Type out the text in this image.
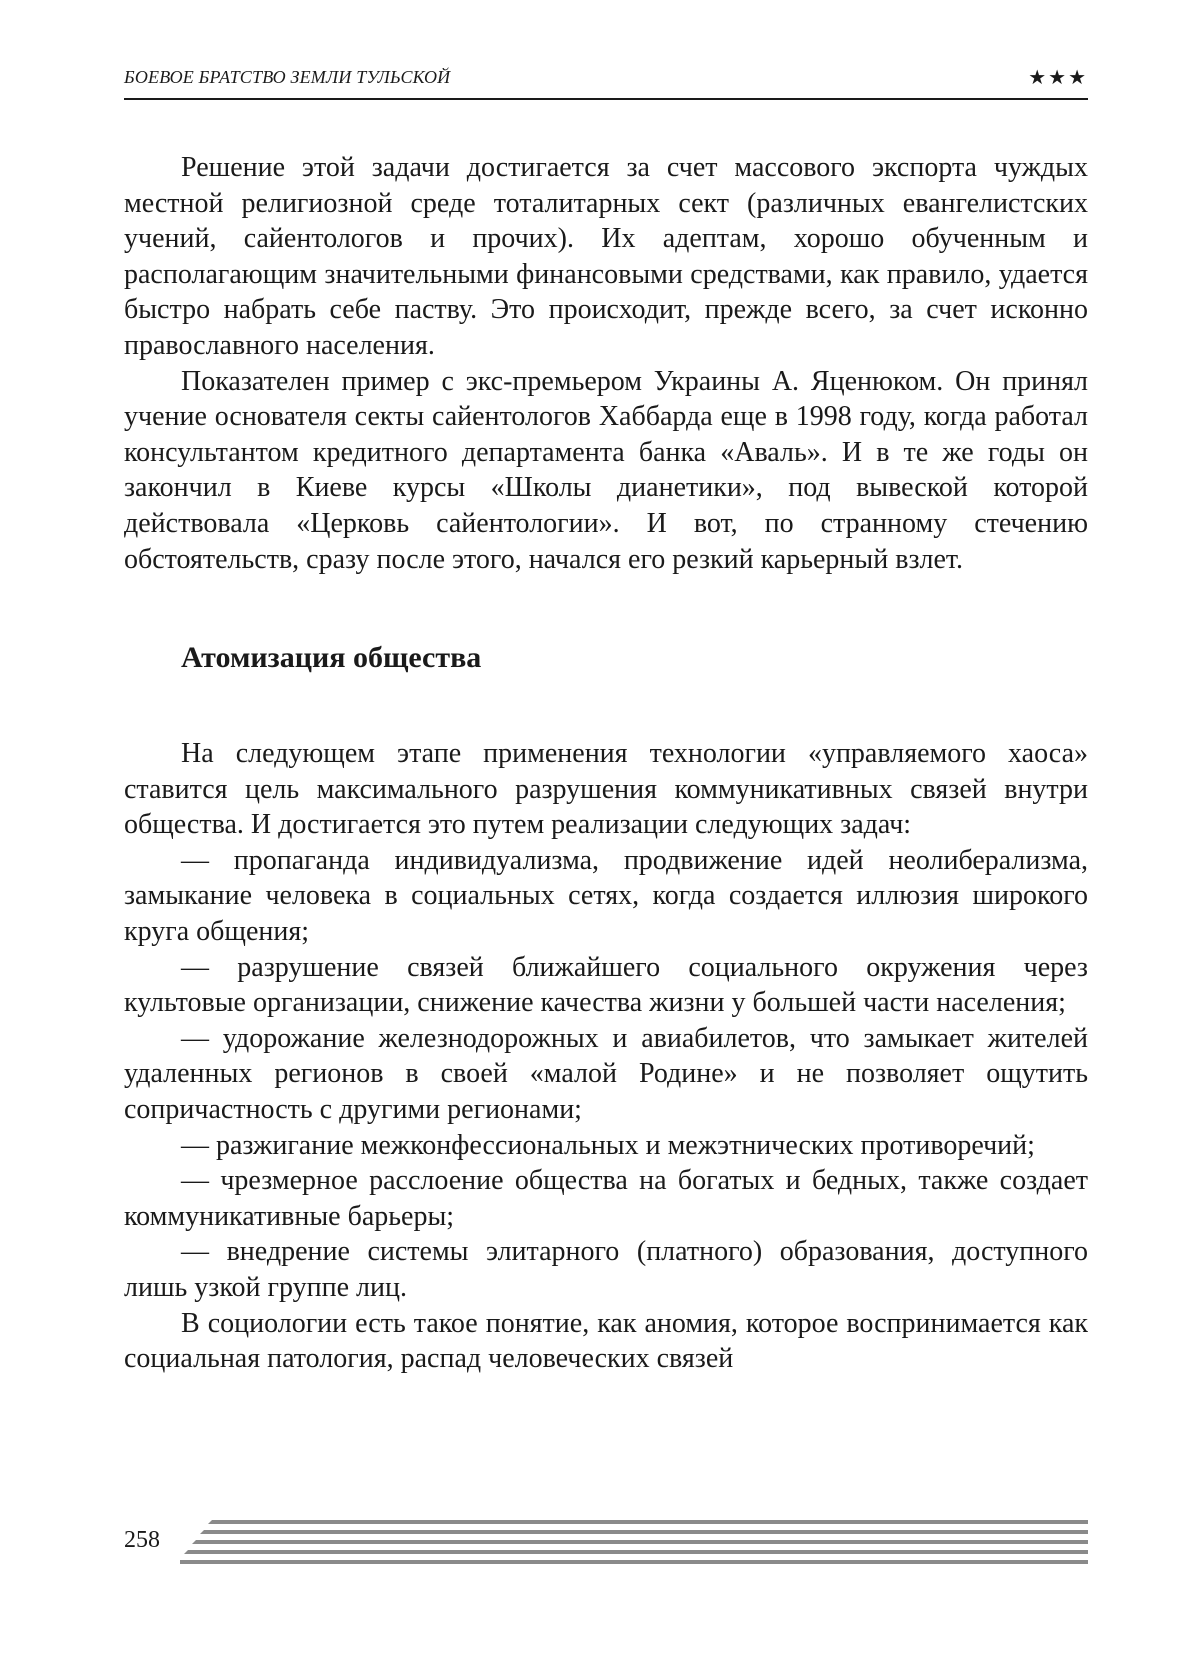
БОЕВОЕ БРАТСТВО ЗЕМЛИ ТУЛЬСКОЙ	★★★

Решение этой задачи достигается за счет массового экспорта чуждых местной религиозной среде тоталитарных сект (различных евангелистских учений, сайентологов и прочих). Их адептам, хорошо обученным и располагающим значительными финансовыми средствами, как правило, удается быстро набрать себе паству. Это происходит, прежде всего, за счет исконно православного населения.

Показателен пример с экс-премьером Украины А. Яценюком. Он принял учение основателя секты сайентологов Хаббарда еще в 1998 году, когда работал консультантом кредитного департамента банка «Аваль». И в те же годы он закончил в Киеве курсы «Школы дианетики», под вывеской которой действовала «Церковь сайентологии». И вот, по странному стечению обстоятельств, сразу после этого, начался его резкий карьерный взлет.

Атомизация общества

На следующем этапе применения технологии «управляемого хаоса» ставится цель максимального разрушения коммуникативных связей внутри общества. И достигается это путем реализации следующих задач:

— пропаганда индивидуализма, продвижение идей неолиберализма, замыкание человека в социальных сетях, когда создается иллюзия широкого круга общения;

— разрушение связей ближайшего социального окружения через культовые организации, снижение качества жизни у большей части населения;

— удорожание железнодорожных и авиабилетов, что замыкает жителей удаленных регионов в своей «малой Родине» и не позволяет ощутить сопричастность с другими регионами;

— разжигание межконфессиональных и межэтнических противоречий;

— чрезмерное расслоение общества на богатых и бедных, также создает коммуникативные барьеры;

— внедрение системы элитарного (платного) образования, доступного лишь узкой группе лиц.

В социологии есть такое понятие, как аномия, которое воспринимается как социальная патология, распад человеческих связей

258
